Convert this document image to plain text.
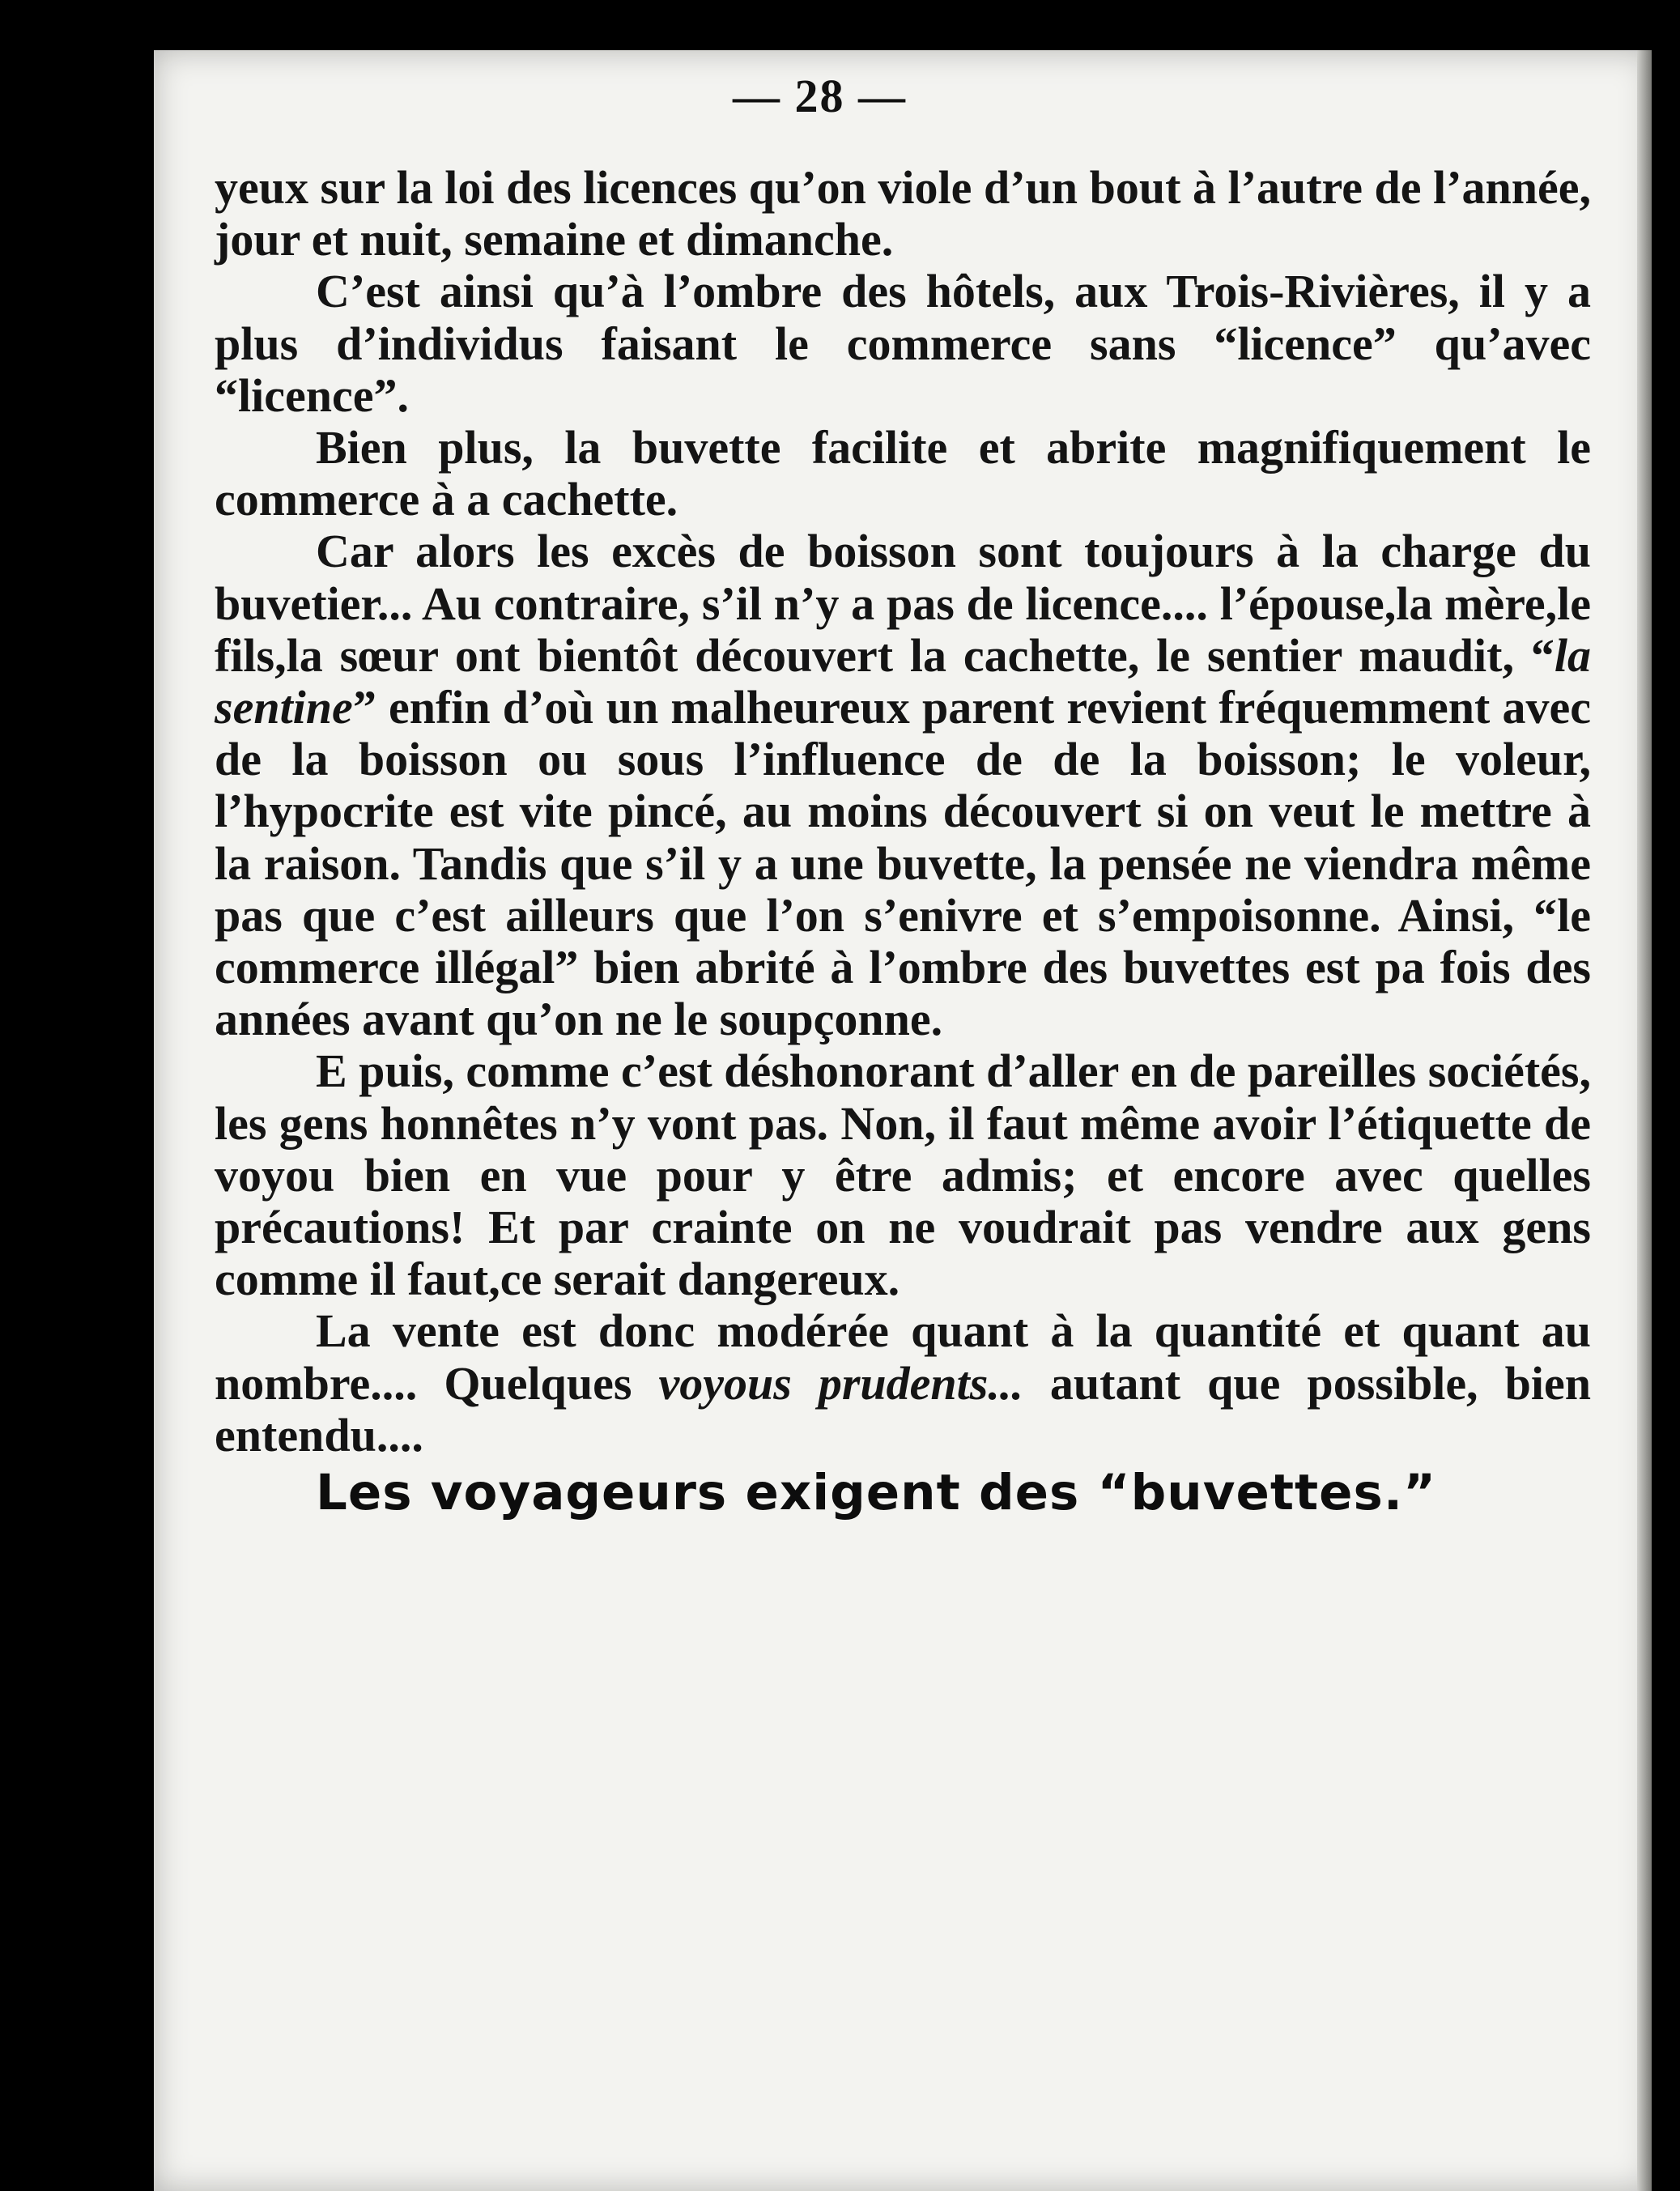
— 28 —

yeux sur la loi des licences qu’on viole d’un bout à l’autre de l’année, jour et nuit, semaine et dimanche.

C’est ainsi qu’à l’ombre des hôtels, aux Trois-Rivières, il y a plus d’individus faisant le commerce sans “licence” qu’avec “licence”.

Bien plus, la buvette facilite et abrite magnifiquement le commerce à a cachette.

Car alors les excès de boisson sont toujours à la charge du buvetier... Au contraire, s’il n’y a pas de licence.... l’épouse,la mère,le fils,la sœur ont bientôt découvert la cachette, le sentier maudit, “la sentine” enfin d’où un malheureux parent revient fréquemment avec de la boisson ou sous l’influence de de la boisson; le voleur, l’hypocrite est vite pincé, au moins découvert si on veut le mettre à la raison. Tandis que s’il y a une buvette, la pensée ne viendra même pas que c’est ailleurs que l’on s’enivre et s’empoisonne. Ainsi, “le commerce illégal” bien abrité à l’ombre des buvettes est pa fois des années avant qu’on ne le soupçonne.

E puis, comme c’est déshonorant d’aller en de pareilles sociétés, les gens honnêtes n’y vont pas. Non, il faut même avoir l’étiquette de voyou bien en vue pour y être admis; et encore avec quelles précautions! Et par crainte on ne voudrait pas vendre aux gens comme il faut,ce serait dangereux.

La vente est donc modérée quant à la quantité et quant au nombre.... Quelques voyous prudents... autant que possible, bien entendu....

Les voyageurs exigent des “buvettes.”
